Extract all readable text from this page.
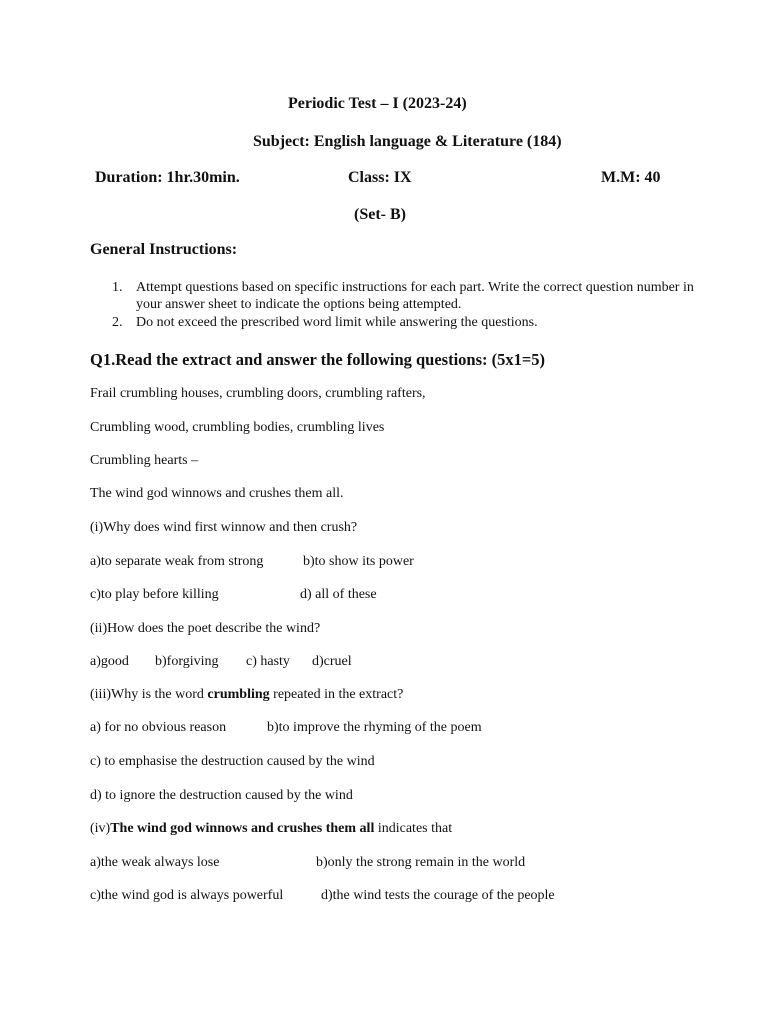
Periodic Test – I (2023-24)
Subject: English language & Literature (184)
Duration: 1hr.30min.	Class: IX	M.M: 40
(Set- B)
General Instructions:
1. Attempt questions based on specific instructions for each part. Write the correct question number in your answer sheet to indicate the options being attempted.
2. Do not exceed the prescribed word limit while answering the questions.
Q1.Read the extract and answer the following questions: (5x1=5)
Frail crumbling houses, crumbling doors, crumbling rafters,
Crumbling wood, crumbling bodies, crumbling lives
Crumbling hearts –
The wind god winnows and crushes them all.
(i)Why does wind first winnow and then crush?
a)to separate weak from strong	b)to show its power
c)to play before killing	d) all of these
(ii)How does the poet describe the wind?
a)good b)forgiving c) hasty d)cruel
(iii)Why is the word crumbling repeated in the extract?
a) for no obvious reason	b)to improve the rhyming of the poem
c) to emphasise the destruction caused by the wind
d) to ignore the destruction caused by the wind
(iv)The wind god winnows and crushes them all indicates that
a)the weak always lose	b)only the strong remain in the world
c)the wind god is always powerful	d)the wind tests the courage of the people
